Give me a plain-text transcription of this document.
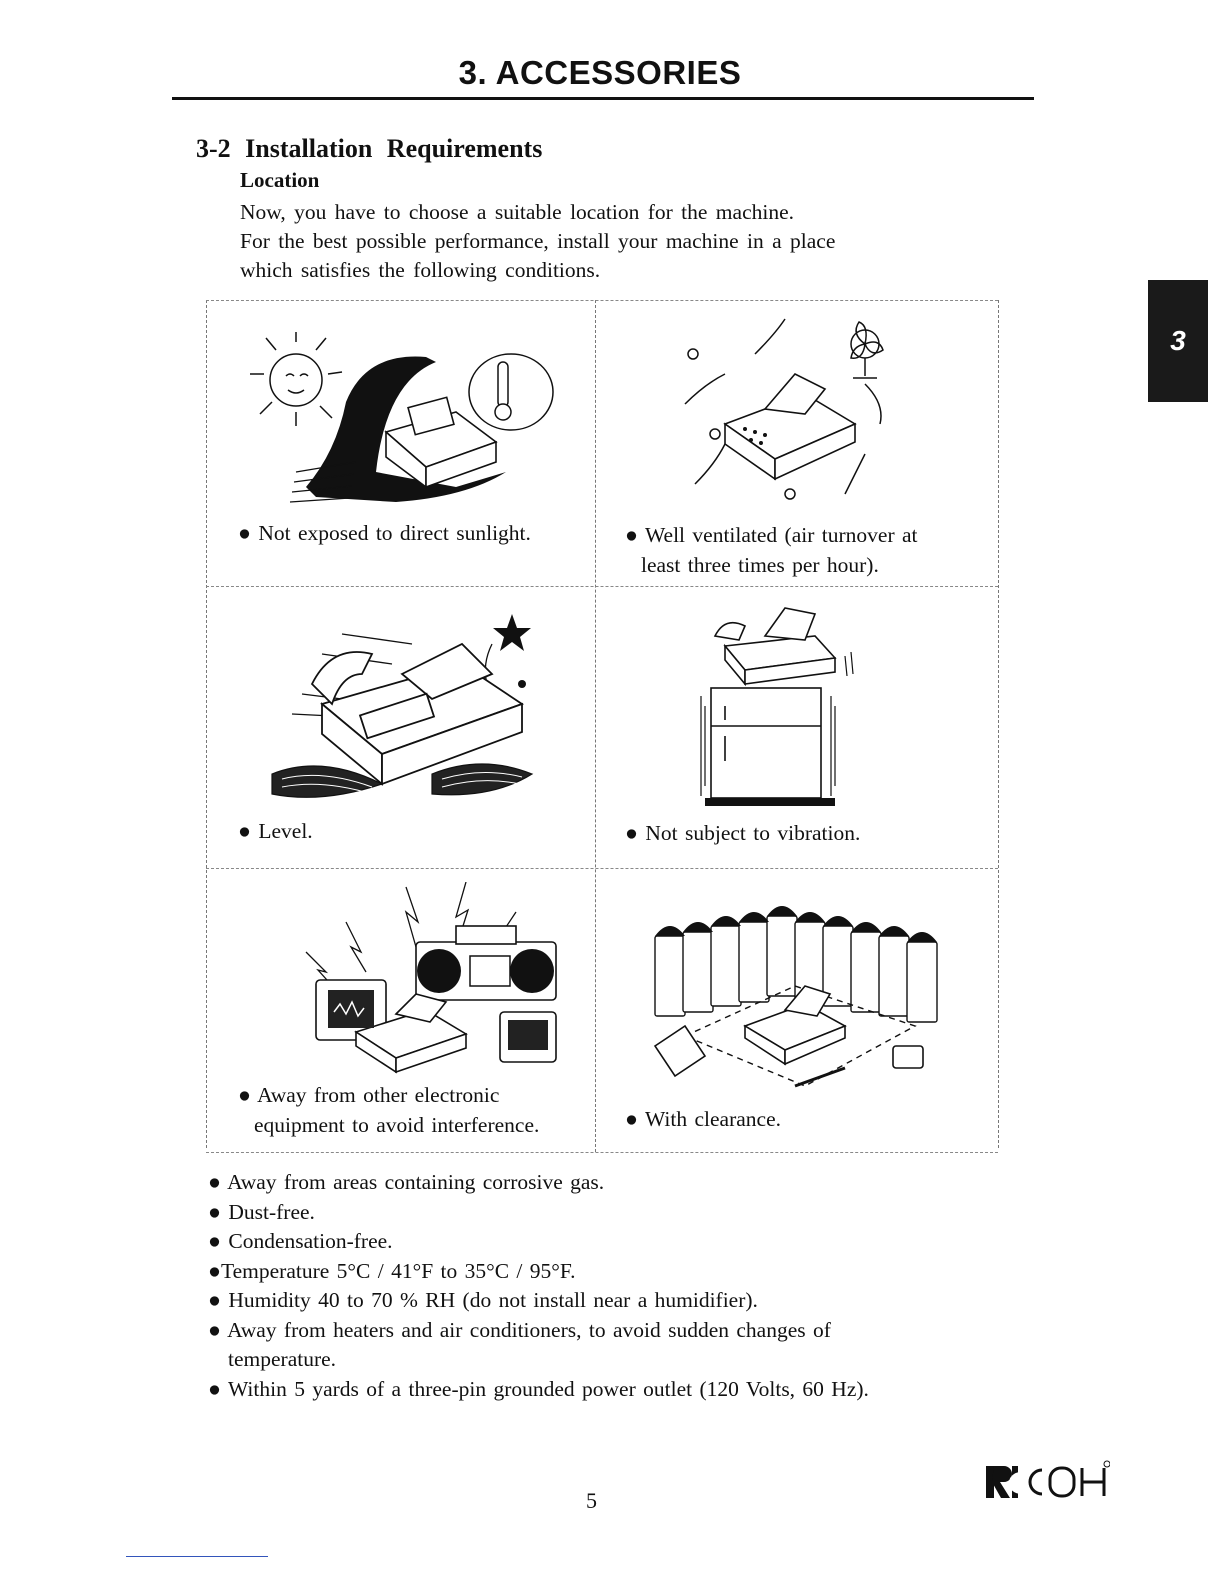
3. ACCESSORIES
3
3-2 Installation Requirements
Location

Now, you have to choose a suitable location for the machine.

For the best possible performance, install your machine in a place

which satisfies the following conditions.

● Not exposed to direct sunlight.	● Well ventilated (air turnover at
least three times per hour).
● Level.	● Not subject to vibration.
● Away from other electronic
equipment to avoid interference.	● With clearance.
● Away from areas containing corrosive gas.
● Dust-free.
● Condensation-free.
●Temperature 5°C / 41°F to 35°C / 95°F.
● Humidity 40 to 70 % RH (do not install near a humidifier).
● Away from heaters and air conditioners, to avoid sudden changes of
temperature.
● Within 5 yards of a three-pin grounded power outlet (120 Volts, 60 Hz).
5
